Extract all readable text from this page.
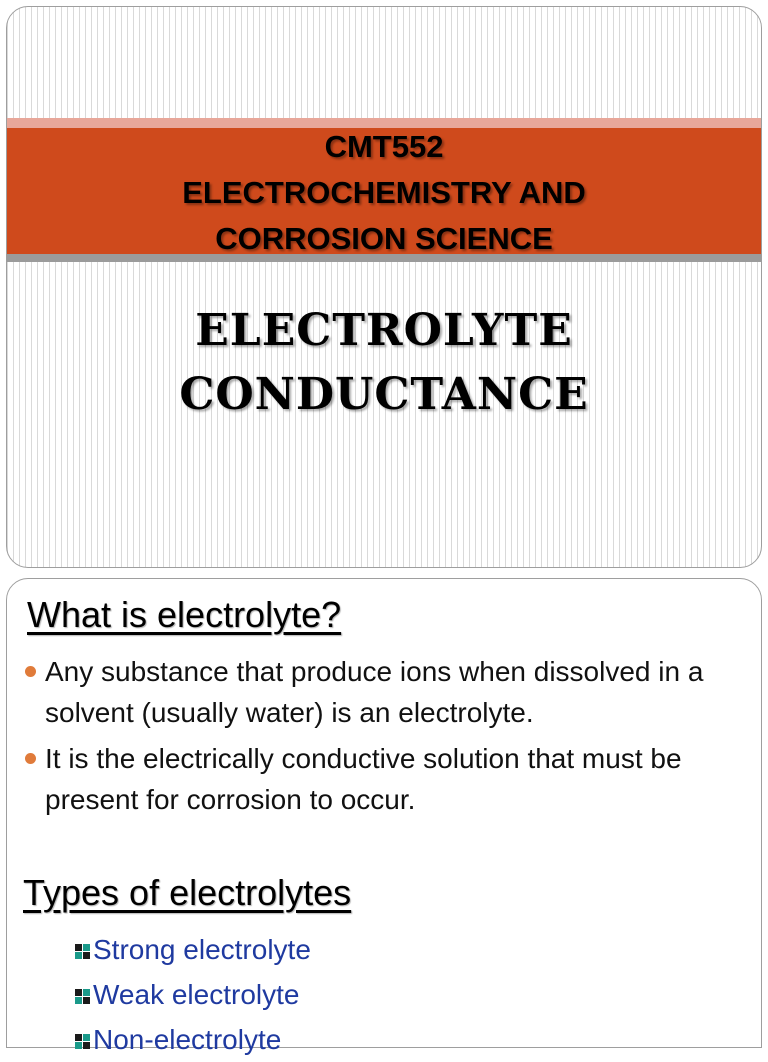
CMT552
ELECTROCHEMISTRY AND
CORROSION SCIENCE
ELECTROLYTE
CONDUCTANCE
What is electrolyte?
Any substance that produce ions when dissolved in a solvent (usually water) is an electrolyte.
It is the electrically conductive solution that must be present for corrosion to occur.
Types of electrolytes
Strong electrolyte
Weak electrolyte
Non-electrolyte
